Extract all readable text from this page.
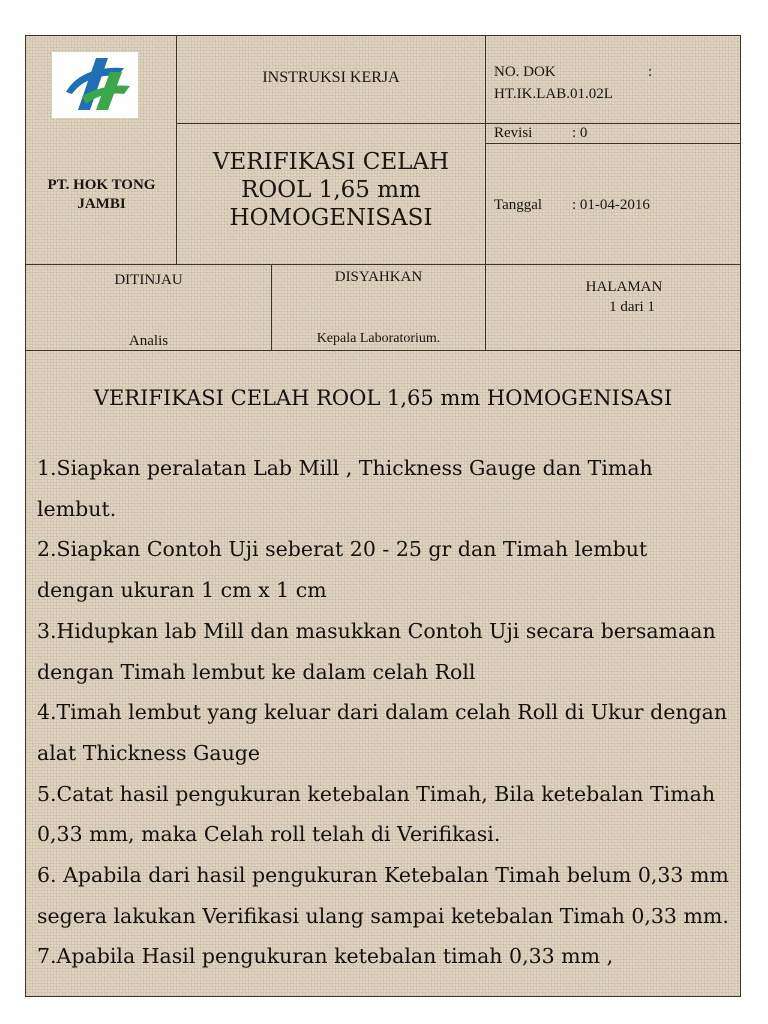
PT. HOK TONG JAMBI
INSTRUKSI KERJA
VERIFIKASI CELAH ROOL 1,65 mm HOMOGENISASI
NO. DOK	:
HT.IK.LAB.01.02L
Revisi	: 0
Tanggal : 01-04-2016
DITINJAU
Analis
DISYAHKAN
Kepala Laboratorium.
HALAMAN
1 dari 1
VERIFIKASI CELAH ROOL 1,65 mm HOMOGENISASI

1.Siapkan peralatan Lab Mill , Thickness Gauge dan Timah lembut.

2.Siapkan Contoh Uji seberat 20 - 25 gr dan Timah lembut dengan ukuran 1 cm x 1 cm

3.Hidupkan lab Mill dan masukkan Contoh Uji secara bersamaan dengan Timah lembut ke dalam celah Roll

4.Timah lembut yang keluar dari dalam celah Roll di Ukur dengan alat Thickness Gauge

5.Catat hasil pengukuran ketebalan Timah, Bila ketebalan Timah 0,33 mm, maka Celah roll telah di Verifikasi.

6. Apabila dari hasil pengukuran Ketebalan Timah belum 0,33 mm segera lakukan Verifikasi ulang sampai ketebalan Timah 0,33 mm.

7.Apabila Hasil pengukuran ketebalan timah 0,33 mm ,
